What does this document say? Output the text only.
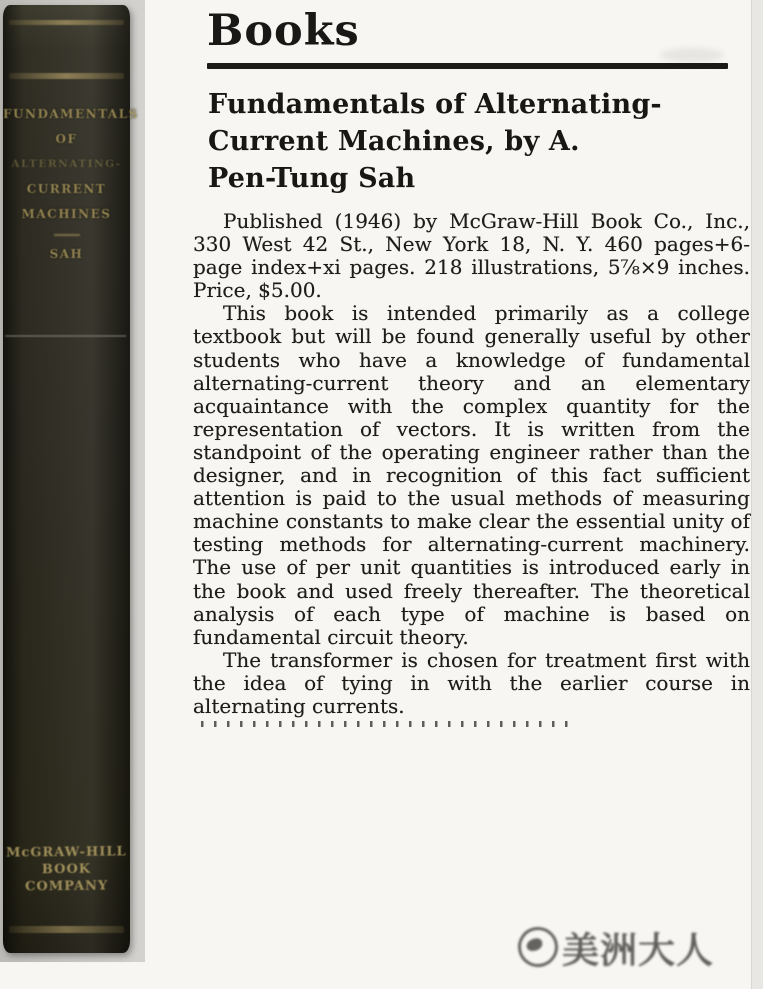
FUNDAMENTALS
OF
ALTERNATING-
CURRENT
MACHINES
SAH
McGRAW-HILL
BOOK COMPANY
Books
Fundamentals of Alternating-
Current Machines, by A.
Pen-Tung Sah

Published (1946) by McGraw-Hill Book Co., Inc., 330 West 42 St., New York 18, N. Y. 460 pages+6-page index+xi pages. 218 illustrations, 5⅞×9 inches. Price, $5.00.

This book is intended primarily as a college textbook but will be found generally useful by other students who have a knowledge of fundamental alternating-current theory and an elementary acquaintance with the complex quantity for the representation of vectors. It is written from the standpoint of the operating engineer rather than the designer, and in recognition of this fact sufficient attention is paid to the usual methods of measuring machine constants to make clear the essential unity of testing methods for alternating-current machinery. The use of per unit quantities is introduced early in the book and used freely thereafter. The theoretical analysis of each type of machine is based on fundamental circuit theory.

The transformer is chosen for treatment first with the idea of tying in with the earlier course in alternating currents.

美洲大人
